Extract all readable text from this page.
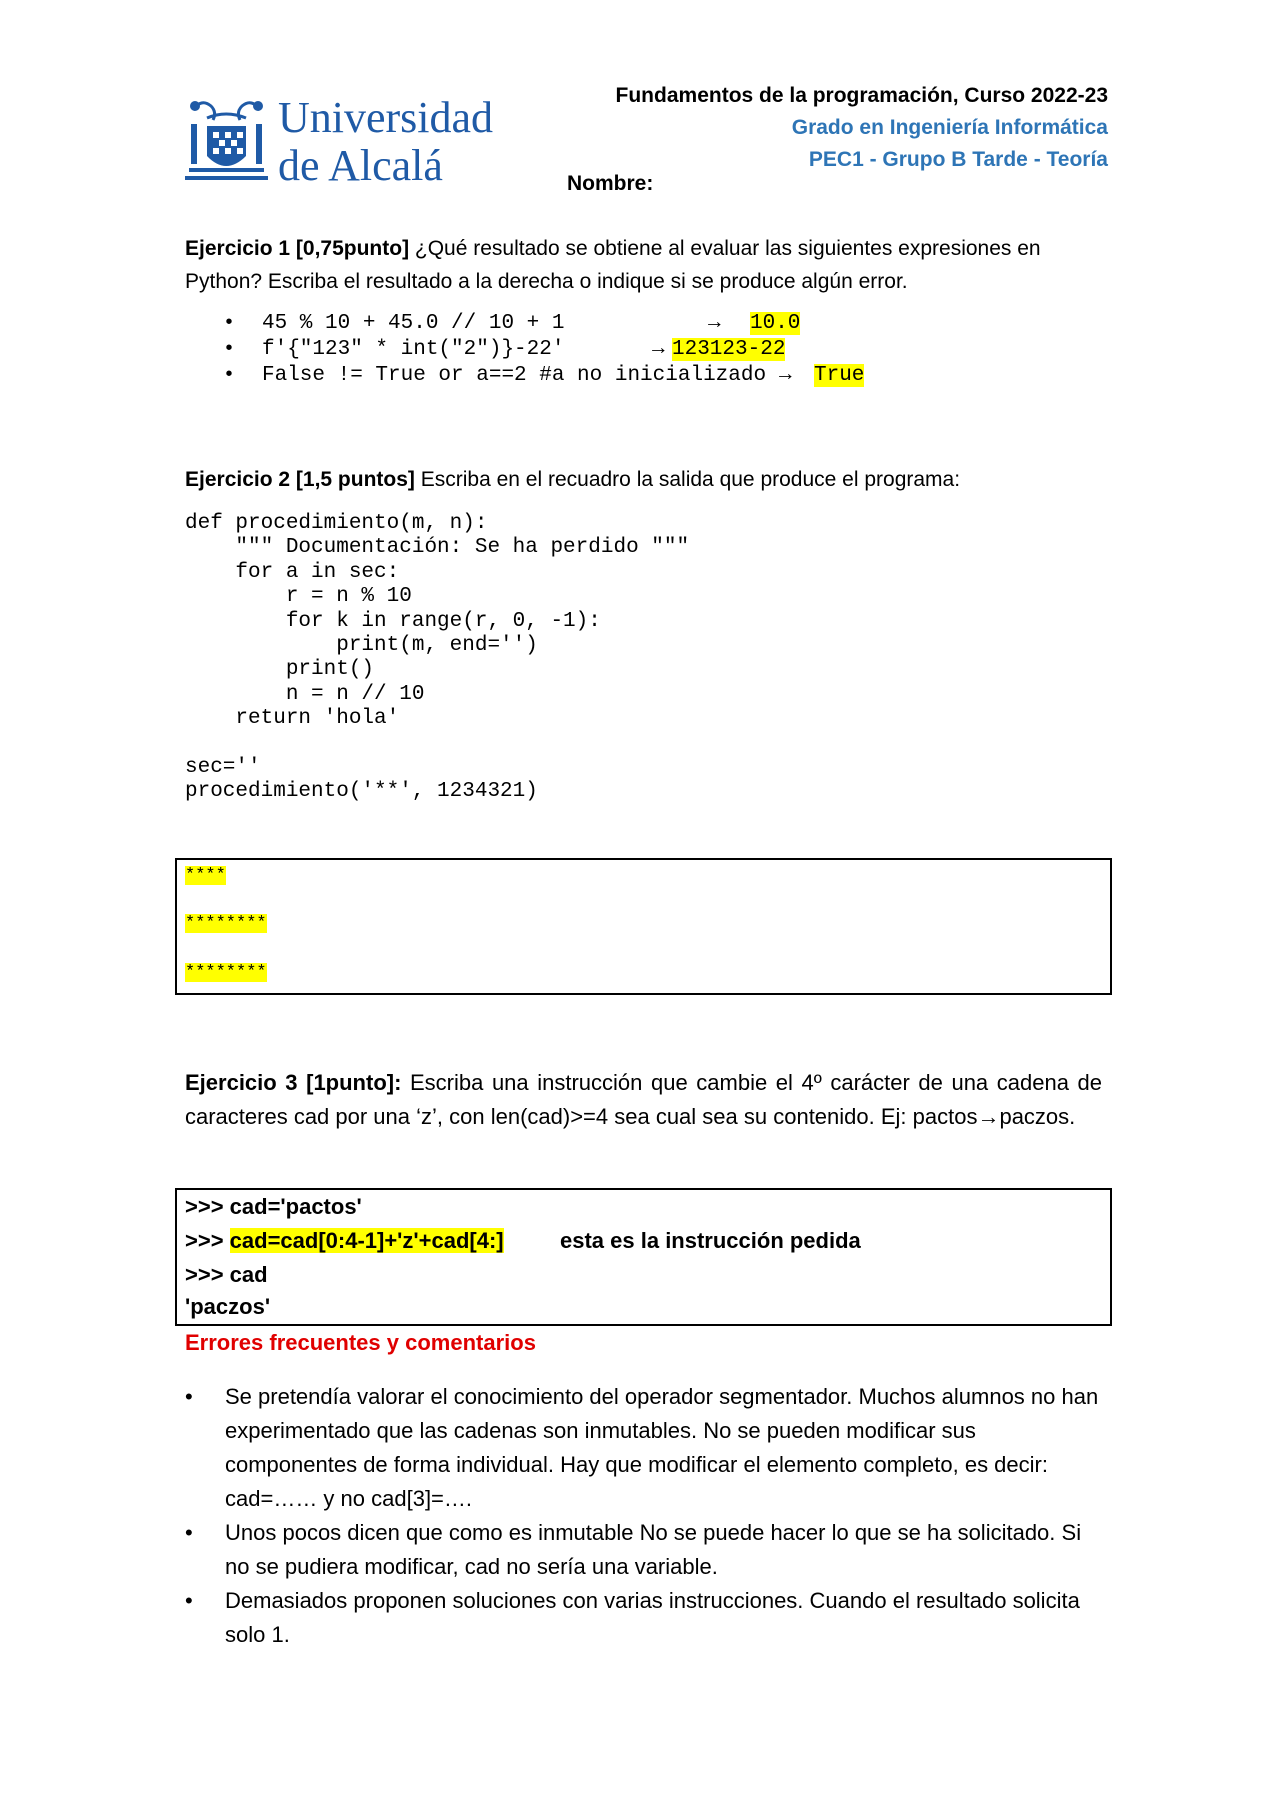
Universidad
de Alcalá
Fundamentos de la programación, Curso 2022-23
Grado en Ingeniería Informática
PEC1 - Grupo B Tarde - Teoría
Nombre:
Ejercicio 1 [0,75punto] ¿Qué resultado se obtiene al evaluar las siguientes expresiones en Python? Escriba el resultado a la derecha o indique si se produce algún error.

•

45 % 10 + 45.0 // 10 + 1

	→

10.0

•

f'{"123" * int("2")}-22'

	→

123123-22

•

False != True or a==2 #a no inicializado

→

True

Ejercicio 2 [1,5 puntos] Escriba en el recuadro la salida que produce el programa:
def procedimiento(m, n):
""" Documentación: Se ha perdido """
for a in sec:
r = n % 10
for k in range(r, 0, -1):
print(m, end='')
print()
n = n // 10
return 'hola'

sec=''
procedimiento('**', 1234321)
****
********
********
Ejercicio 3 [1punto]: Escriba una instrucción que cambie el 4º carácter de una cadena de caracteres cad por una ‘z’, con len(cad)>=4 sea cual sea su contenido. Ej: pactos→paczos.
>>> cad='pactos'
>>> cad=cad[0:4-1]+'z'+cad[4:]	esta es la instrucción pedida
>>> cad
'paczos'
Errores frecuentes y comentarios
• Se pretendía valorar el conocimiento del operador segmentador. Muchos alumnos no han experimentado que las cadenas son inmutables. No se pueden modificar sus componentes de forma individual. Hay que modificar el elemento completo, es decir: cad=…… y no cad[3]=….
• Unos pocos dicen que como es inmutable No se puede hacer lo que se ha solicitado. Si no se pudiera modificar, cad no sería una variable.
• Demasiados proponen soluciones con varias instrucciones. Cuando el resultado solicita solo 1.
